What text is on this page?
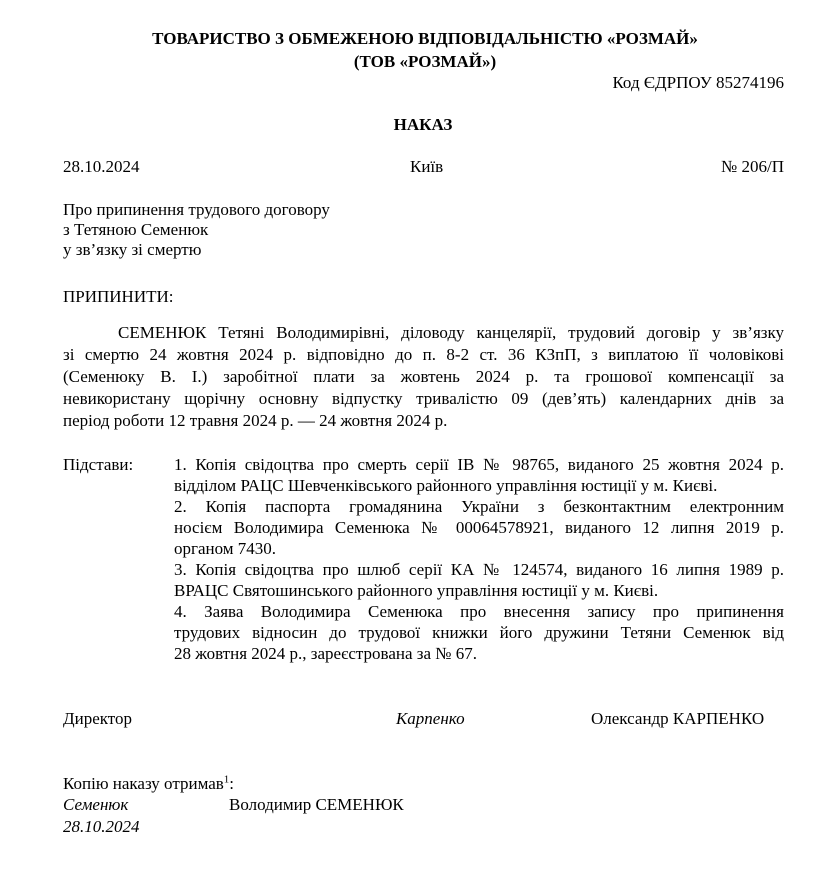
ТОВАРИСТВО З ОБМЕЖЕНОЮ ВІДПОВІДАЛЬНІСТЮ «РОЗМАЙ»
(ТОВ «РОЗМАЙ»)
Код ЄДРПОУ 85274196
НАКАЗ
28.10.2024	Київ	№ 206/П
Про припинення трудового договору
з Тетяною Семенюк
у зв’язку зі смертю
ПРИПИНИТИ:
СЕМЕНЮК Тетяні Володимирівні, діловоду канцелярії, трудовий договір у зв’язку
зі смертю 24 жовтня 2024 р. відповідно до п. 8-2 ст. 36 КЗпП, з виплатою її чоловікові
(Семенюку В. І.) заробітної плати за жовтень 2024 р. та грошової компенсації за
невикористану щорічну основну відпустку тривалістю 09 (дев’ять) календарних днів за
період роботи 12 травня 2024 р. — 24 жовтня 2024 р.
Підстави: 1. Копія свідоцтва про смерть серії ІВ № 98765, виданого 25 жовтня 2024 р.
відділом РАЦС Шевченківського районного управління юстиції у м. Києві.
2. Копія паспорта громадянина України з безконтактним електронним
носієм Володимира Семенюка № 00064578921, виданого 12 липня 2019 р.
органом 7430.
3. Копія свідоцтва про шлюб серії КА № 124574, виданого 16 липня 1989 р.
ВРАЦС Святошинського районного управління юстиції у м. Києві.
4. Заява Володимира Семенюка про внесення запису про припинення
трудових відносин до трудової книжки його дружини Тетяни Семенюк від
28 жовтня 2024 р., зареєстрована за № 67.
Директор	Карпенко	Олександр КАРПЕНКО
Копію наказу отримав$^1$:
Семенюк	Володимир СЕМЕНЮК
28.10.2024
